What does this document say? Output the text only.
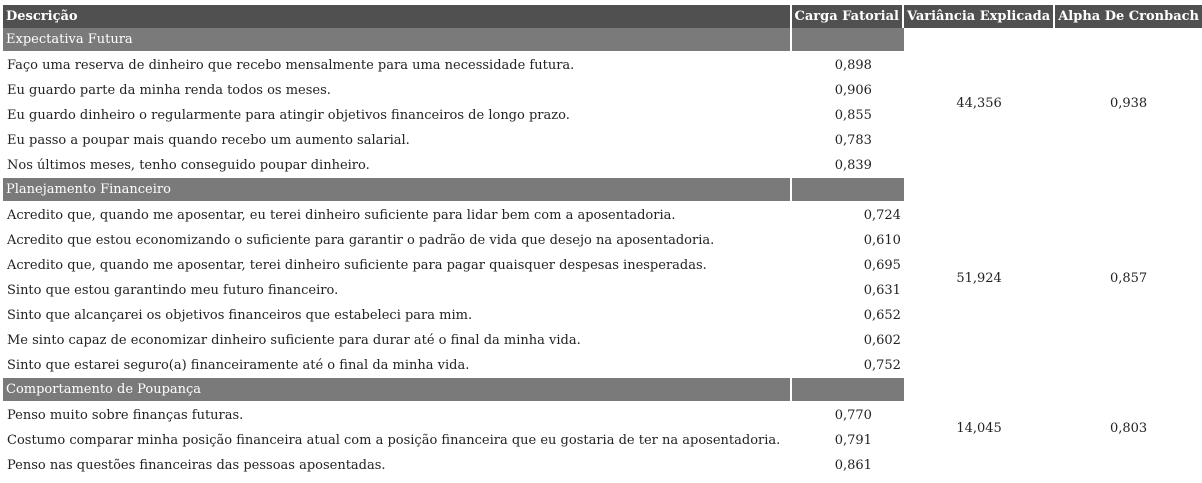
Descrição	Carga Fatorial	Variância Explicada	Alpha De Cronbach
Expectativa Futura		44,356	0,938
Faço uma reserva de dinheiro que recebo mensalmente para uma necessidade futura.	0,898		
Eu guardo parte da minha renda todos os meses.	0,906		
Eu guardo dinheiro o regularmente para atingir objetivos financeiros de longo prazo.	0,855		
Eu passo a poupar mais quando recebo um aumento salarial.	0,783		
Nos últimos meses, tenho conseguido poupar dinheiro.	0,839		
Planejamento Financeiro		51,924	0,857
Acredito que, quando me aposentar, eu terei dinheiro suficiente para lidar bem com a aposentadoria.	0,724		
Acredito que estou economizando o suficiente para garantir o padrão de vida que desejo na aposentadoria.	0,610		
Acredito que, quando me aposentar, terei dinheiro suficiente para pagar quaisquer despesas inesperadas.	0,695		
Sinto que estou garantindo meu futuro financeiro.	0,631		
Sinto que alcançarei os objetivos financeiros que estabeleci para mim.	0,652		
Me sinto capaz de economizar dinheiro suficiente para durar até o final da minha vida.	0,602		
Sinto que estarei seguro(a) financeiramente até o final da minha vida.	0,752		
Comportamento de Poupança		14,045	0,803
Penso muito sobre finanças futuras.	0,770		
Costumo comparar minha posição financeira atual com a posição financeira que eu gostaria de ter na aposentadoria.	0,791		
Penso nas questões financeiras das pessoas aposentadas.	0,861		
